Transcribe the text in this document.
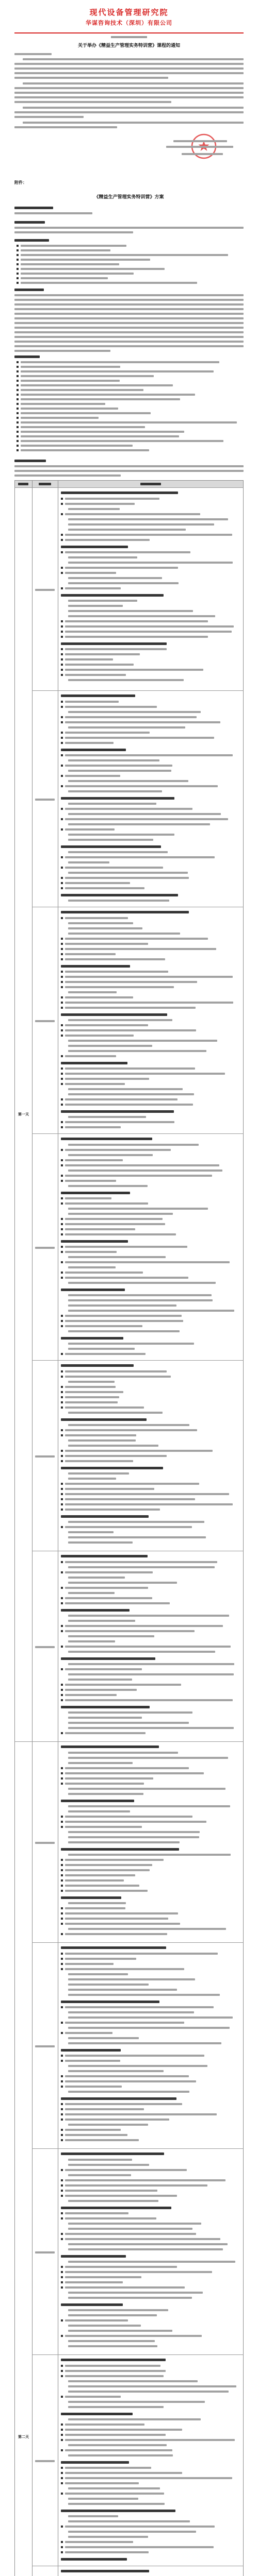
现代设备管理研究院
华谋咨询技术（深圳）有限公司
关于举办《精益生产管理实务特训营》课程的通知
附件：
《精益生产管理实务特训营》方案
第一天
第二天
